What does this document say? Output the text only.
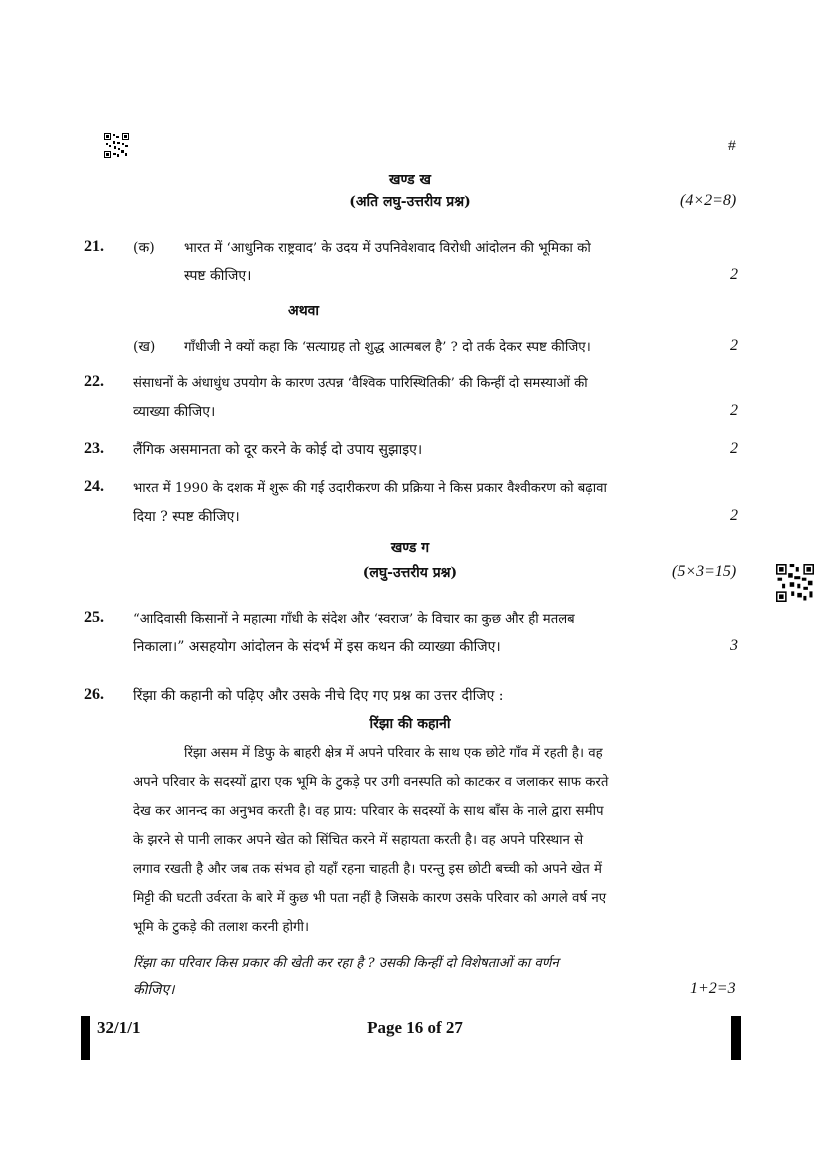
#
खण्ड ख
(अति लघु-उत्तरीय प्रश्न)	(4×2=8)
21. (क) भारत में ‘आधुनिक राष्ट्रवाद’ के उदय में उपनिवेशवाद विरोधी आंदोलन की भूमिका को
स्पष्ट कीजिए।	2
अथवा
(ख) गाँधीजी ने क्यों कहा कि ‘सत्याग्रह तो शुद्ध आत्मबल है’ ? दो तर्क देकर स्पष्ट कीजिए।	2
22. संसाधनों के अंधाधुंध उपयोग के कारण उत्पन्न ‘वैश्विक पारिस्थितिकी’ की किन्हीं दो समस्याओं की
व्याख्या कीजिए।	2
23. लैंगिक असमानता को दूर करने के कोई दो उपाय सुझाइए।	2
24. भारत में 1990 के दशक में शुरू की गई उदारीकरण की प्रक्रिया ने किस प्रकार वैश्वीकरण को बढ़ावा
दिया ? स्पष्ट कीजिए।	2
खण्ड ग
(लघु-उत्तरीय प्रश्न)	(5×3=15)
25. “आदिवासी किसानों ने महात्मा गाँधी के संदेश और ‘स्वराज’ के विचार का कुछ और ही मतलब
निकाला।” असहयोग आंदोलन के संदर्भ में इस कथन की व्याख्या कीजिए।	3
26. रिंझा की कहानी को पढ़िए और उसके नीचे दिए गए प्रश्न का उत्तर दीजिए :
रिंझा की कहानी
रिंझा असम में डिफु के बाहरी क्षेत्र में अपने परिवार के साथ एक छोटे गाँव में रहती है। वह
अपने परिवार के सदस्यों द्वारा एक भूमि के टुकड़े पर उगी वनस्पति को काटकर व जलाकर साफ करते
देख कर आनन्द का अनुभव करती है। वह प्राय: परिवार के सदस्यों के साथ बाँस के नाले द्वारा समीप
के झरने से पानी लाकर अपने खेत को सिंचित करने में सहायता करती है। वह अपने परिस्थान से
लगाव रखती है और जब तक संभव हो यहाँ रहना चाहती है। परन्तु इस छोटी बच्ची को अपने खेत में
मिट्टी की घटती उर्वरता के बारे में कुछ भी पता नहीं है जिसके कारण उसके परिवार को अगले वर्ष नए
भूमि के टुकड़े की तलाश करनी होगी।
रिंझा का परिवार किस प्रकार की खेती कर रहा है ? उसकी किन्हीं दो विशेषताओं का वर्णन
कीजिए।	1+2=3
32/1/1	Page 16 of 27
